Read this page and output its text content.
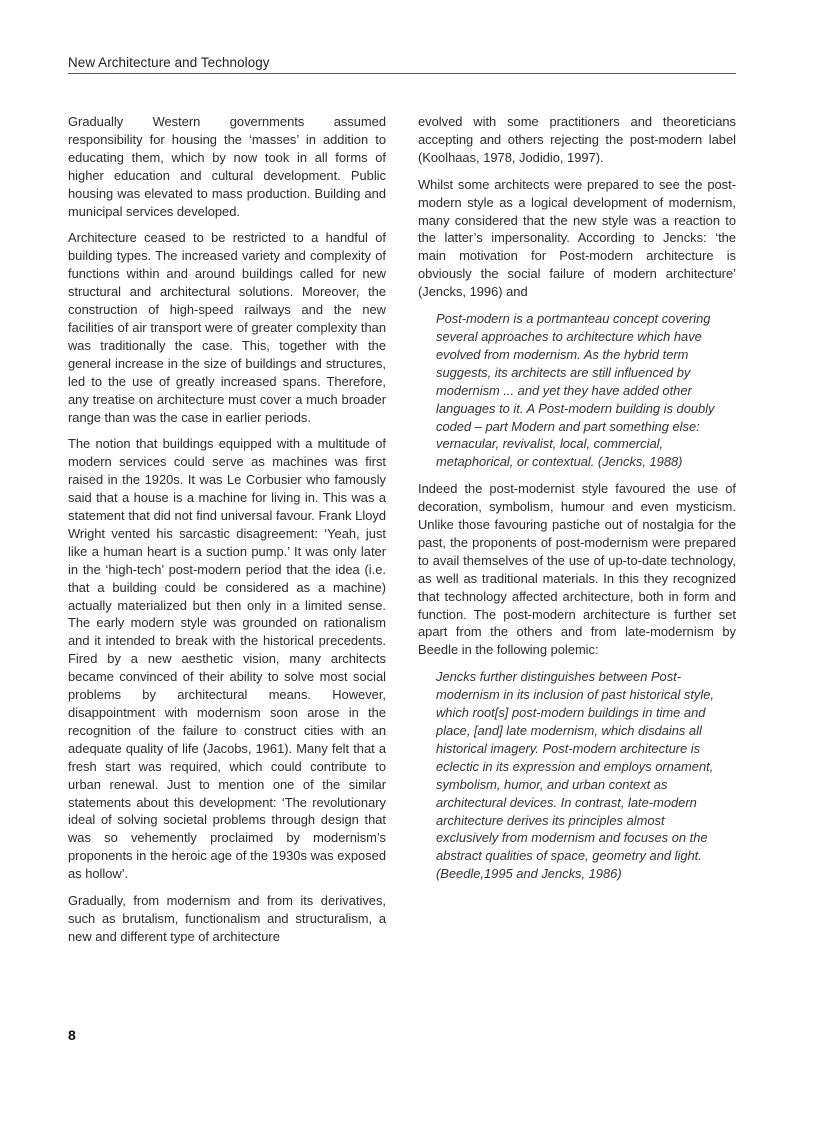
New Architecture and Technology

Gradually Western governments assumed responsibility for housing the ‘masses’ in addition to educating them, which by now took in all forms of higher education and cultural development. Public housing was elevated to mass production. Building and municipal services developed.

Architecture ceased to be restricted to a handful of building types. The increased variety and complexity of functions within and around buildings called for new structural and architectural solutions. Moreover, the construction of high-speed railways and the new facilities of air transport were of greater complexity than was traditionally the case. This, together with the general increase in the size of buildings and structures, led to the use of greatly increased spans. Therefore, any treatise on architecture must cover a much broader range than was the case in earlier periods.

The notion that buildings equipped with a multitude of modern services could serve as machines was first raised in the 1920s. It was Le Corbusier who famously said that a house is a machine for living in. This was a statement that did not find universal favour. Frank Lloyd Wright vented his sarcastic disagreement: ‘Yeah, just like a human heart is a suction pump.’ It was only later in the ‘high-tech’ post-modern period that the idea (i.e. that a building could be considered as a machine) actually materialized but then only in a limited sense. The early modern style was grounded on rationalism and it intended to break with the historical precedents. Fired by a new aesthetic vision, many architects became convinced of their ability to solve most social problems by architectural means. However, disappointment with modernism soon arose in the recognition of the failure to construct cities with an adequate quality of life (Jacobs, 1961). Many felt that a fresh start was required, which could contribute to urban renewal. Just to mention one of the similar statements about this development: ‘The revolutionary ideal of solving societal problems through design that was so vehemently proclaimed by modernism’s proponents in the heroic age of the 1930s was exposed as hollow’.

Gradually, from modernism and from its derivatives, such as brutalism, functionalism and structuralism, a new and different type of architecture

evolved with some practitioners and theoreticians accepting and others rejecting the post-modern label (Koolhaas, 1978, Jodidio, 1997).

Whilst some architects were prepared to see the post-modern style as a logical development of modernism, many considered that the new style was a reaction to the latter’s impersonality. According to Jencks: ‘the main motivation for Post-modern architecture is obviously the social failure of modern architecture’ (Jencks, 1996) and

Post-modern is a portmanteau concept covering several approaches to architecture which have evolved from modernism. As the hybrid term suggests, its architects are still influenced by modernism ... and yet they have added other languages to it. A Post-modern building is doubly coded – part Modern and part something else: vernacular, revivalist, local, commercial, metaphorical, or contextual. (Jencks, 1988)

Indeed the post-modernist style favoured the use of decoration, symbolism, humour and even mysticism. Unlike those favouring pastiche out of nostalgia for the past, the proponents of post-modernism were prepared to avail themselves of the use of up-to-date technology, as well as traditional materials. In this they recognized that technology affected architecture, both in form and function. The post-modern architecture is further set apart from the others and from late-modernism by Beedle in the following polemic:

Jencks further distinguishes between Post-modernism in its inclusion of past historical style, which root[s] post-modern buildings in time and place, [and] late modernism, which disdains all historical imagery. Post-modern architecture is eclectic in its expression and employs ornament, symbolism, humor, and urban context as architectural devices. In contrast, late-modern architecture derives its principles almost exclusively from modernism and focuses on the abstract qualities of space, geometry and light. (Beedle,1995 and Jencks, 1986)

8
